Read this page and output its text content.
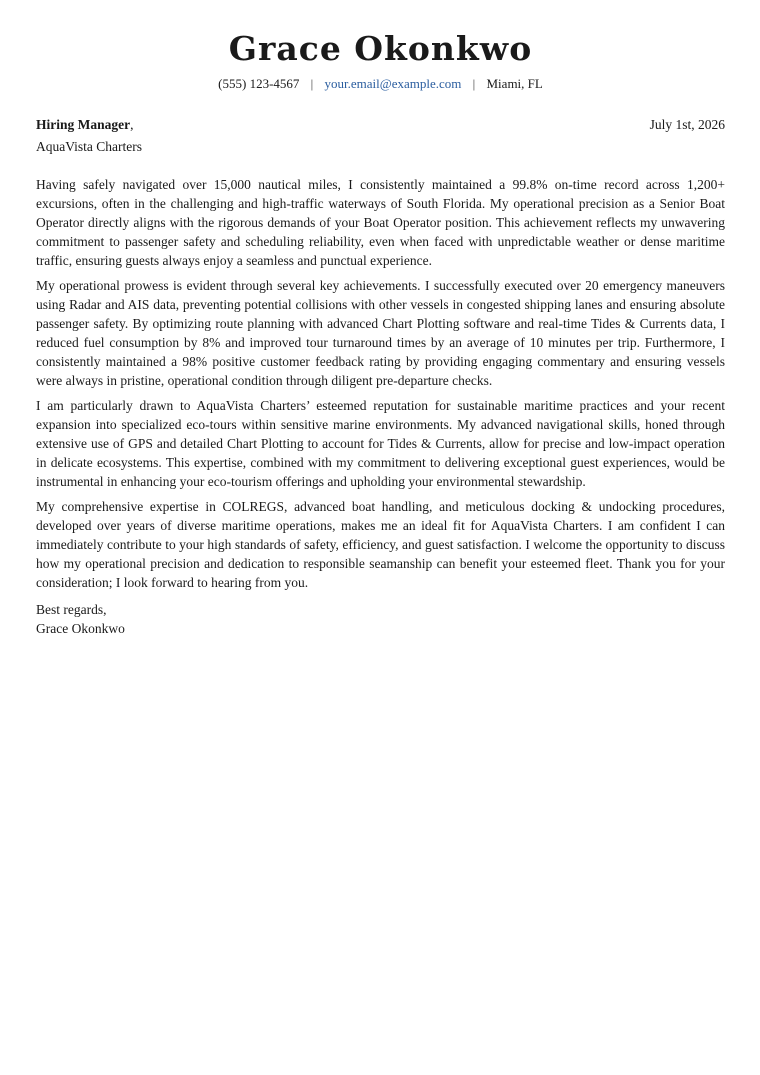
Grace Okonkwo
(555) 123-4567 | your.email@example.com | Miami, FL
Hiring Manager,	July 1st, 2026
AquaVista Charters
Having safely navigated over 15,000 nautical miles, I consistently maintained a 99.8% on-time record across 1,200+ excursions, often in the challenging and high-traffic waterways of South Florida. My operational precision as a Senior Boat Operator directly aligns with the rigorous demands of your Boat Operator position. This achievement reflects my unwavering commitment to passenger safety and scheduling reliability, even when faced with unpredictable weather or dense maritime traffic, ensuring guests always enjoy a seamless and punctual experience.
My operational prowess is evident through several key achievements. I successfully executed over 20 emergency maneuvers using Radar and AIS data, preventing potential collisions with other vessels in congested shipping lanes and ensuring absolute passenger safety. By optimizing route planning with advanced Chart Plotting software and real-time Tides & Currents data, I reduced fuel consumption by 8% and improved tour turnaround times by an average of 10 minutes per trip. Furthermore, I consistently maintained a 98% positive customer feedback rating by providing engaging commentary and ensuring vessels were always in pristine, operational condition through diligent pre-departure checks.
I am particularly drawn to AquaVista Charters’ esteemed reputation for sustainable maritime practices and your recent expansion into specialized eco-tours within sensitive marine environments. My advanced navigational skills, honed through extensive use of GPS and detailed Chart Plotting to account for Tides & Currents, allow for precise and low-impact operation in delicate ecosystems. This expertise, combined with my commitment to delivering exceptional guest experiences, would be instrumental in enhancing your eco-tourism offerings and upholding your environmental stewardship.
My comprehensive expertise in COLREGS, advanced boat handling, and meticulous docking & undocking procedures, developed over years of diverse maritime operations, makes me an ideal fit for AquaVista Charters. I am confident I can immediately contribute to your high standards of safety, efficiency, and guest satisfaction. I welcome the opportunity to discuss how my operational precision and dedication to responsible seamanship can benefit your esteemed fleet. Thank you for your consideration; I look forward to hearing from you.
Best regards,
Grace Okonkwo
